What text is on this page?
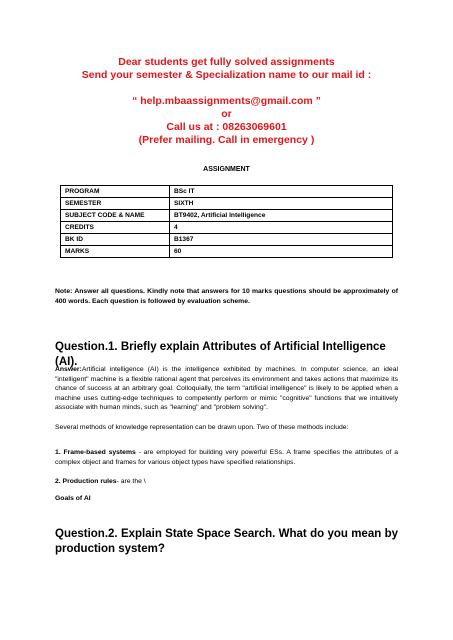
Dear students get fully solved assignments
Send your semester & Specialization name to our mail id :
“ help.mbaassignments@gmail.com ”
or
Call us at : 08263069601
(Prefer mailing. Call in emergency )
ASSIGNMENT
PROGRAM	BSc IT
SEMESTER	SIXTH
SUBJECT CODE & NAME	BT9402, Artificial Intelligence
CREDITS	4
BK ID	B1367
MARKS	60
Note: Answer all questions. Kindly note that answers for 10 marks questions should be approximately of 400 words. Each question is followed by evaluation scheme.
Question.1. Briefly explain Attributes of Artificial Intelligence (AI).
Answer:Artificial intelligence (AI) is the intelligence exhibited by machines. In computer science, an ideal "intelligent" machine is a flexible rational agent that perceives its environment and takes actions that maximize its chance of success at an arbitrary goal. Colloquially, the term "artificial intelligence" is likely to be applied when a machine uses cutting-edge techniques to competently perform or mimic "cognitive" functions that we intuitively associate with human minds, such as "learning" and "problem solving".
Several methods of knowledge representation can be drawn upon. Two of these methods include:
1. Frame-based systems - are employed for building very powerful ESs. A frame specifies the attributes of a complex object and frames for various object types have specified relationships.
2. Production rules- are the \
Goals of AI
Question.2. Explain State Space Search. What do you mean by production system?
